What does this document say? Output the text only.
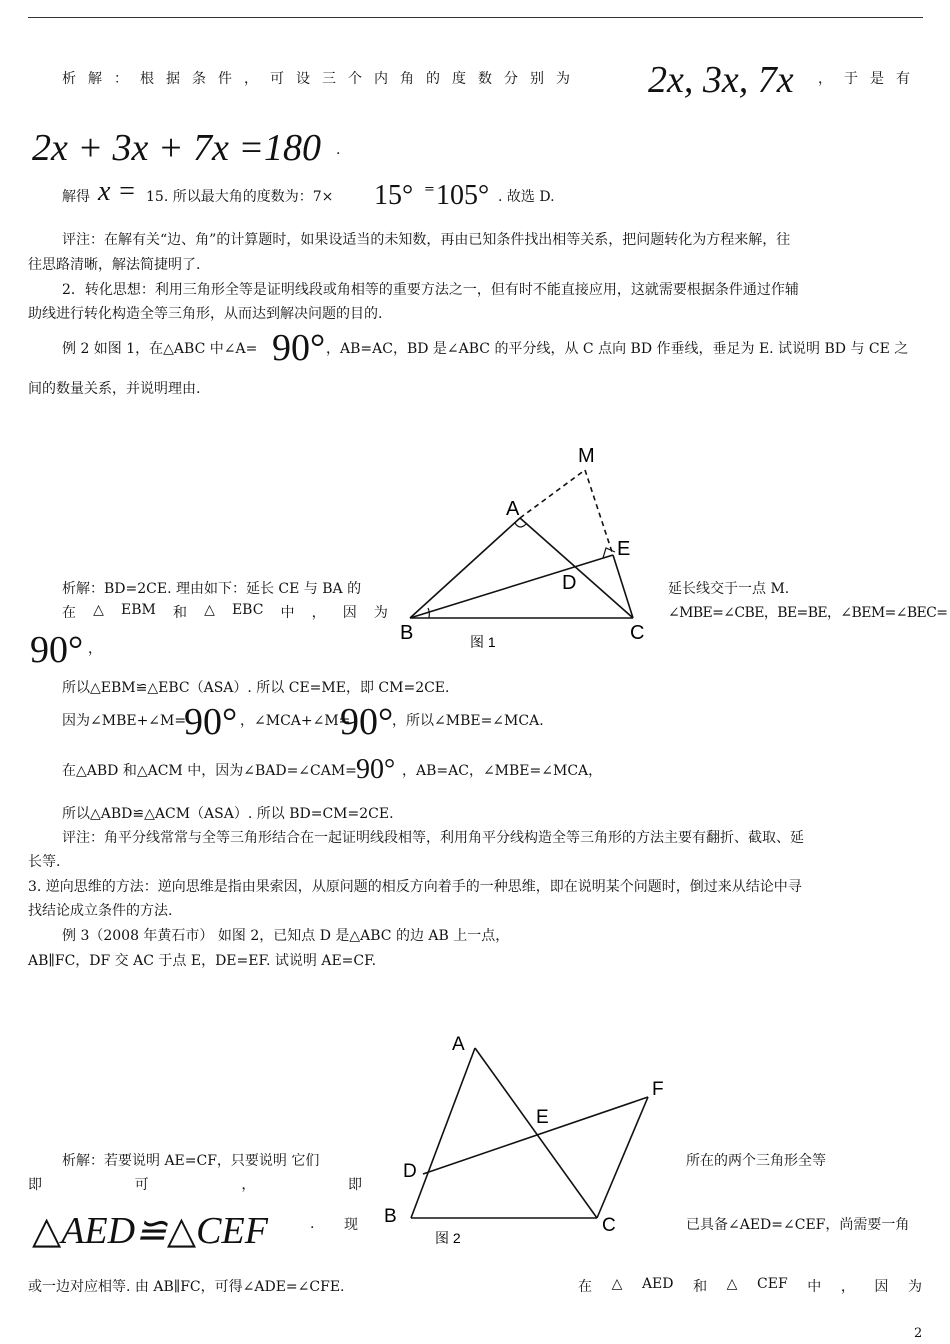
析解：根据条件，可设三个内角的度数分别为 2x, 3x, 7x ，于是有
2x + 3x + 7x =180 .
解得 x = 15. 所以最大角的度数为：7× 15° = 105° . 故选 D.
评注：在解有关“边、角”的计算题时，如果设适当的未知数，再由已知条件找出相等关系，把问题转化为方程来解，往
往思路清晰，解法简捷明了.
2．转化思想：利用三角形全等是证明线段或角相等的重要方法之一，但有时不能直接应用，这就需要根据条件通过作辅
助线进行转化构造全等三角形，从而达到解决问题的目的.
例 2 如图 1，在△ABC 中∠A= 90° ，AB=AC，BD 是∠ABC 的平分线，从 C 点向 BD 作垂线，垂足为 E. 试说明 BD 与 CE 之
间的数量关系，并说明理由.
M
A
E
D
B	C
图 1
析解：BD=2CE. 理由如下：延长 CE 与 BA 的	延长线交于一点 M.
在 △ EBM 和 △ EBC 中 ， 因 为	∠MBE=∠CBE，BE=BE，∠BEM=∠BEC=
90° ，
所以△EBM≌△EBC（ASA）. 所以 CE=ME，即 CM=2CE.
因为∠MBE+∠M=
90° ，∠MCA+∠M=
90°
，所以∠MBE=∠MCA.
在△ABD 和△ACM 中，因为∠BAD=∠CAM= 90° ，AB=AC，∠MBE=∠MCA，
所以△ABD≌△ACM（ASA）. 所以 BD=CM=2CE.
评注：角平分线常常与全等三角形结合在一起证明线段相等，利用角平分线构造全等三角形的方法主要有翻折、截取、延
长等.
3. 逆向思维的方法：逆向思维是指由果索因，从原问题的相反方向着手的一种思维，即在说明某个问题时，倒过来从结论中寻
找结论成立条件的方法.
例 3（2008 年黄石市） 如图 2，已知点 D 是△ABC 的边 AB 上一点，
AB∥FC，DF 交 AC 于点 E，DE=EF. 试说明 AE=CF.
A
F
E
D
B	C
图 2
析解：若要说明 AE=CF，只要说明 它们	所在的两个三角形全等
即	可	，	即
△AED≌△CEF	. 现	已具备∠AED=∠CEF，尚需要一角
或一边对应相等. 由 AB∥FC，可得∠ADE=∠CFE.	在 △ AED 和 △ CEF 中 ， 因 为
2
